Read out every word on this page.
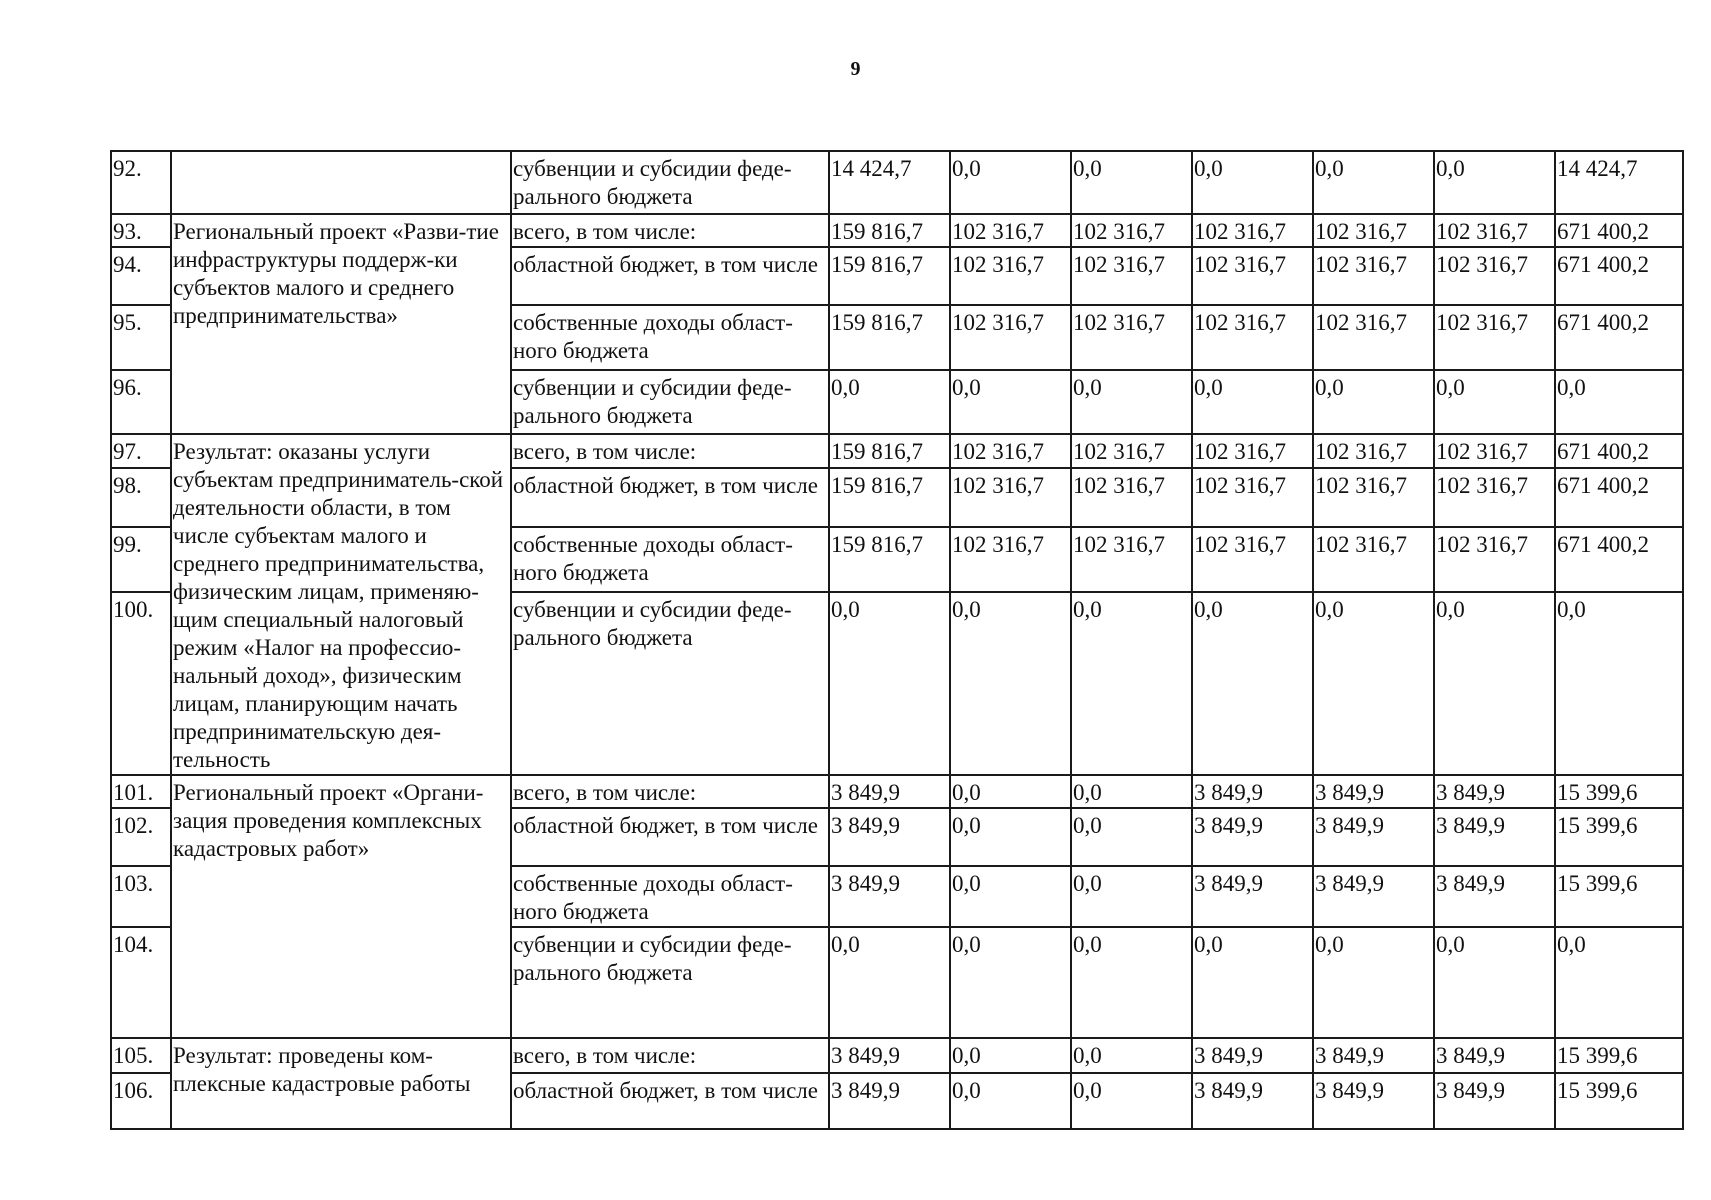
9
92.		субвенции и субсидии феде-рального бюджета	14 424,7	0,0	0,0	0,0	0,0	0,0	14 424,7
93.	Региональный проект «Разви-тие инфраструктуры поддерж-ки субъектов малого и среднего предпринимательства»	всего, в том числе:	159 816,7	102 316,7	102 316,7	102 316,7	102 316,7	102 316,7	671 400,2
94.		областной бюджет, в том числе	159 816,7	102 316,7	102 316,7	102 316,7	102 316,7	102 316,7	671 400,2
95.		собственные доходы област-ного бюджета	159 816,7	102 316,7	102 316,7	102 316,7	102 316,7	102 316,7	671 400,2
96.		субвенции и субсидии феде-рального бюджета	0,0	0,0	0,0	0,0	0,0	0,0	0,0
97.	Результат: оказаны услуги субъектам предприниматель-ской деятельности области, в том числе субъектам малого и среднего предпринимательства, физическим лицам, применяю-щим специальный налоговый режим «Налог на профессио-нальный доход», физическим лицам, планирующим начать предпринимательскую дея-тельность	всего, в том числе:	159 816,7	102 316,7	102 316,7	102 316,7	102 316,7	102 316,7	671 400,2
98.		областной бюджет, в том числе	159 816,7	102 316,7	102 316,7	102 316,7	102 316,7	102 316,7	671 400,2
99.		собственные доходы област-ного бюджета	159 816,7	102 316,7	102 316,7	102 316,7	102 316,7	102 316,7	671 400,2
100.		субвенции и субсидии феде-рального бюджета	0,0	0,0	0,0	0,0	0,0	0,0	0,0
101.	Региональный проект «Органи-зация проведения комплексных кадастровых работ»	всего, в том числе:	3 849,9	0,0	0,0	3 849,9	3 849,9	3 849,9	15 399,6
102.		областной бюджет, в том числе	3 849,9	0,0	0,0	3 849,9	3 849,9	3 849,9	15 399,6
103.		собственные доходы област-ного бюджета	3 849,9	0,0	0,0	3 849,9	3 849,9	3 849,9	15 399,6
104.		субвенции и субсидии феде-рального бюджета	0,0	0,0	0,0	0,0	0,0	0,0	0,0
105.	Результат: проведены ком-плексные кадастровые работы	всего, в том числе:	3 849,9	0,0	0,0	3 849,9	3 849,9	3 849,9	15 399,6
106.		областной бюджет, в том числе	3 849,9	0,0	0,0	3 849,9	3 849,9	3 849,9	15 399,6
